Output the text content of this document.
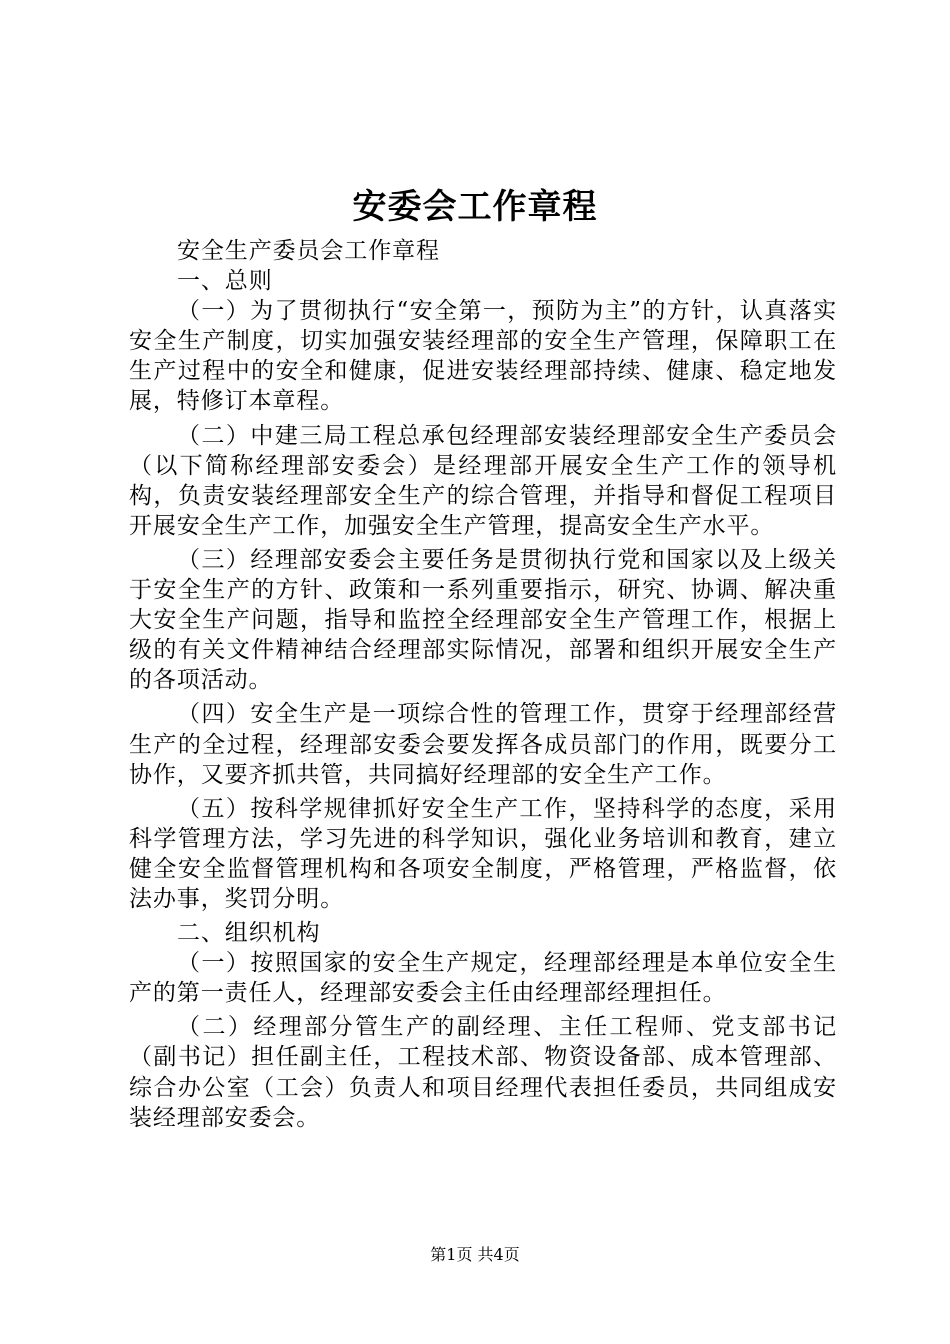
安委会工作章程

安全生产委员会工作章程

一、总则

（一）为了贯彻执行“安全第一，预防为主”的方针，认真落实安全生产制度，切实加强安装经理部的安全生产管理，保障职工在生产过程中的安全和健康，促进安装经理部持续、健康、稳定地发展，特修订本章程。

（二）中建三局工程总承包经理部安装经理部安全生产委员会（以下简称经理部安委会）是经理部开展安全生产工作的领导机构，负责安装经理部安全生产的综合管理，并指导和督促工程项目开展安全生产工作，加强安全生产管理，提高安全生产水平。

（三）经理部安委会主要任务是贯彻执行党和国家以及上级关于安全生产的方针、政策和一系列重要指示，研究、协调、解决重大安全生产问题，指导和监控全经理部安全生产管理工作，根据上级的有关文件精神结合经理部实际情况，部署和组织开展安全生产的各项活动。

（四）安全生产是一项综合性的管理工作，贯穿于经理部经营生产的全过程，经理部安委会要发挥各成员部门的作用，既要分工协作，又要齐抓共管，共同搞好经理部的安全生产工作。

（五）按科学规律抓好安全生产工作，坚持科学的态度，采用科学管理方法，学习先进的科学知识，强化业务培训和教育，建立健全安全监督管理机构和各项安全制度，严格管理，严格监督，依法办事，奖罚分明。

二、组织机构

（一）按照国家的安全生产规定，经理部经理是本单位安全生产的第一责任人，经理部安委会主任由经理部经理担任。

（二）经理部分管生产的副经理、主任工程师、党支部书记（副书记）担任副主任，工程技术部、物资设备部、成本管理部、综合办公室（工会）负责人和项目经理代表担任委员，共同组成安装经理部安委会。

第1页 共4页
